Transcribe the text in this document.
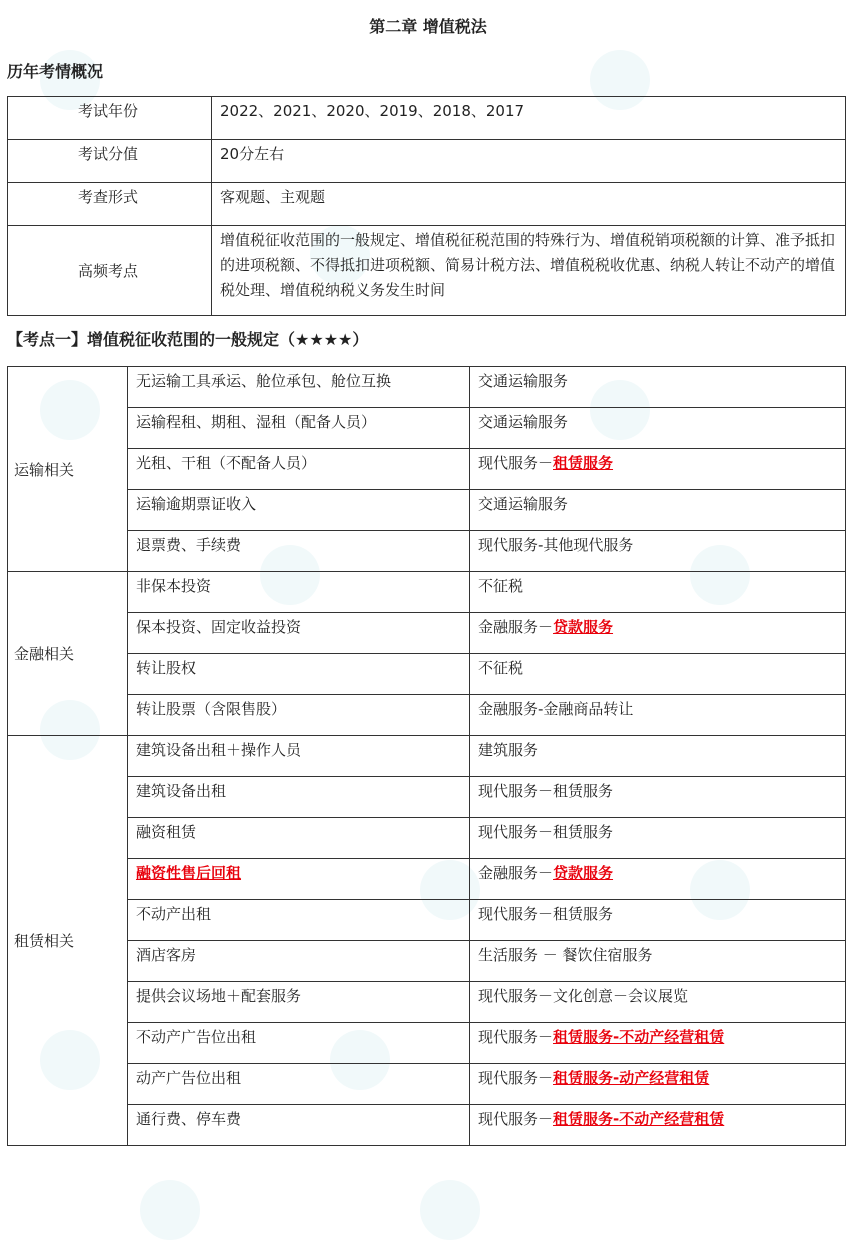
第二章 增值税法
历年考情概况
考试年份	2022、2021、2020、2019、2018、2017
考试分值	20分左右
考查形式	客观题、主观题
高频考点	增值税征收范围的一般规定、增值税征税范围的特殊行为、增值税销项税额的计算、准予抵扣的进项税额、不得抵扣进项税额、简易计税方法、增值税税收优惠、纳税人转让不动产的增值税处理、增值税纳税义务发生时间
【考点一】增值税征收范围的一般规定（★★★★）
运输相关	无运输工具承运、舱位承包、舱位互换	交通运输服务
	运输程租、期租、湿租（配备人员）	交通运输服务
	光租、干租（不配备人员）	现代服务－租赁服务
	运输逾期票证收入	交通运输服务
	退票费、手续费	现代服务-其他现代服务
金融相关	非保本投资	不征税
	保本投资、固定收益投资	金融服务－贷款服务
	转让股权	不征税
	转让股票（含限售股）	金融服务-金融商品转让
租赁相关	建筑设备出租＋操作人员	建筑服务
	建筑设备出租	现代服务－租赁服务
	融资租赁	现代服务－租赁服务
	融资性售后回租	金融服务－贷款服务
	不动产出租	现代服务－租赁服务
	酒店客房	生活服务 － 餐饮住宿服务
	提供会议场地＋配套服务	现代服务－文化创意－会议展览
	不动产广告位出租	现代服务－租赁服务-不动产经营租赁
	动产广告位出租	现代服务－租赁服务-动产经营租赁
	通行费、停车费	现代服务－租赁服务-不动产经营租赁
